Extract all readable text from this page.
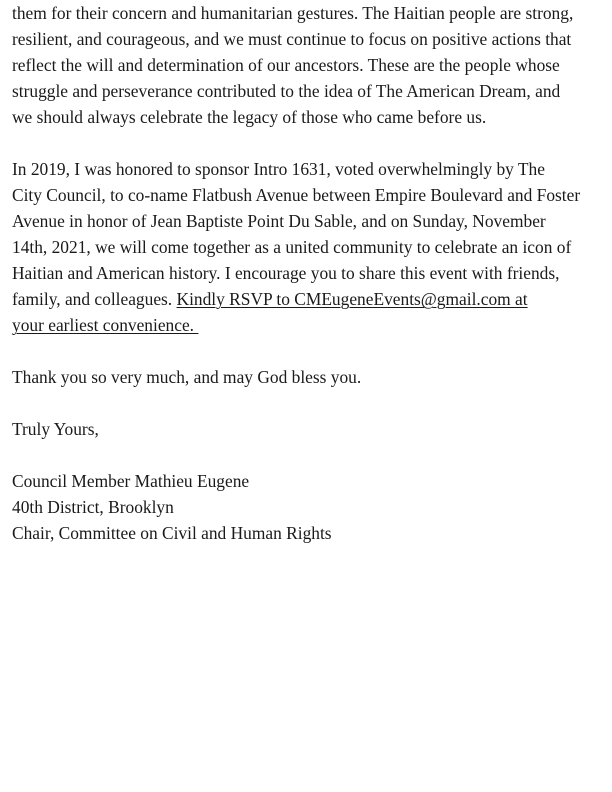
them for their concern and humanitarian gestures. The Haitian people are strong,
resilient, and courageous, and we must continue to focus on positive actions that
reflect the will and determination of our ancestors. These are the people whose
struggle and perseverance contributed to the idea of The American Dream, and
we should always celebrate the legacy of those who came before us.
In 2019, I was honored to sponsor Intro 1631, voted overwhelmingly by The
City Council, to co-name Flatbush Avenue between Empire Boulevard and Foster
Avenue in honor of Jean Baptiste Point Du Sable, and on Sunday, November
14th, 2021, we will come together as a united community to celebrate an icon of
Haitian and American history. I encourage you to share this event with friends,
family, and colleagues. Kindly RSVP to CMEugeneEvents@gmail.com at
your earliest convenience.
Thank you so very much, and may God bless you.
Truly Yours,
Council Member Mathieu Eugene
40th District, Brooklyn
Chair, Committee on Civil and Human Rights
